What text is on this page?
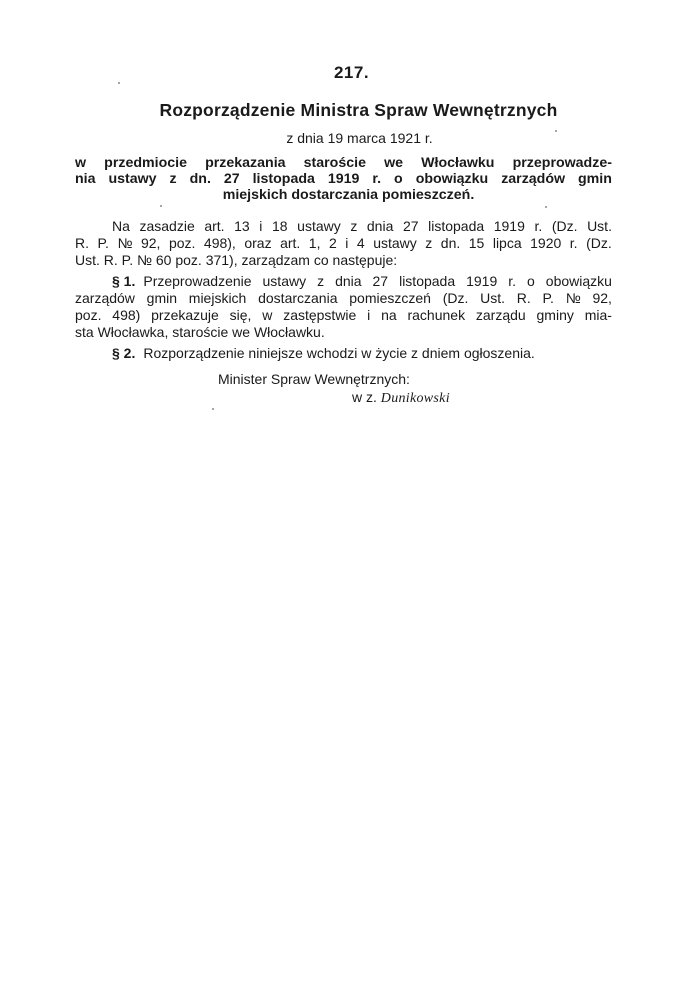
217.
Rozporządzenie Ministra Spraw Wewnętrznych
z dnia 19 marca 1921 r.
w przedmiocie przekazania staroście we Włocławku przeprowadze-
nia ustawy z dn. 27 listopada 1919 r. o obowiązku zarządów gmin
miejskich dostarczania pomieszczeń.
Na zasadzie art. 13 i 18 ustawy z dnia 27 listopada 1919 r. (Dz. Ust.
R. P. № 92, poz. 498), oraz art. 1, 2 i 4 ustawy z dn. 15 lipca 1920 r. (Dz.
Ust. R. P. № 60 poz. 371), zarządzam co następuje:
§ 1. Przeprowadzenie ustawy z dnia 27 listopada 1919 r. o obowiązku
zarządów gmin miejskich dostarczania pomieszczeń (Dz. Ust. R. P. № 92,
poz. 498) przekazuje się, w zastępstwie i na rachunek zarządu gminy mia-
sta Włocławka, staroście we Włocławku.
§ 2. Rozporządzenie niniejsze wchodzi w życie z dniem ogłoszenia.
Minister Spraw Wewnętrznych:
w z. Dunikowski
